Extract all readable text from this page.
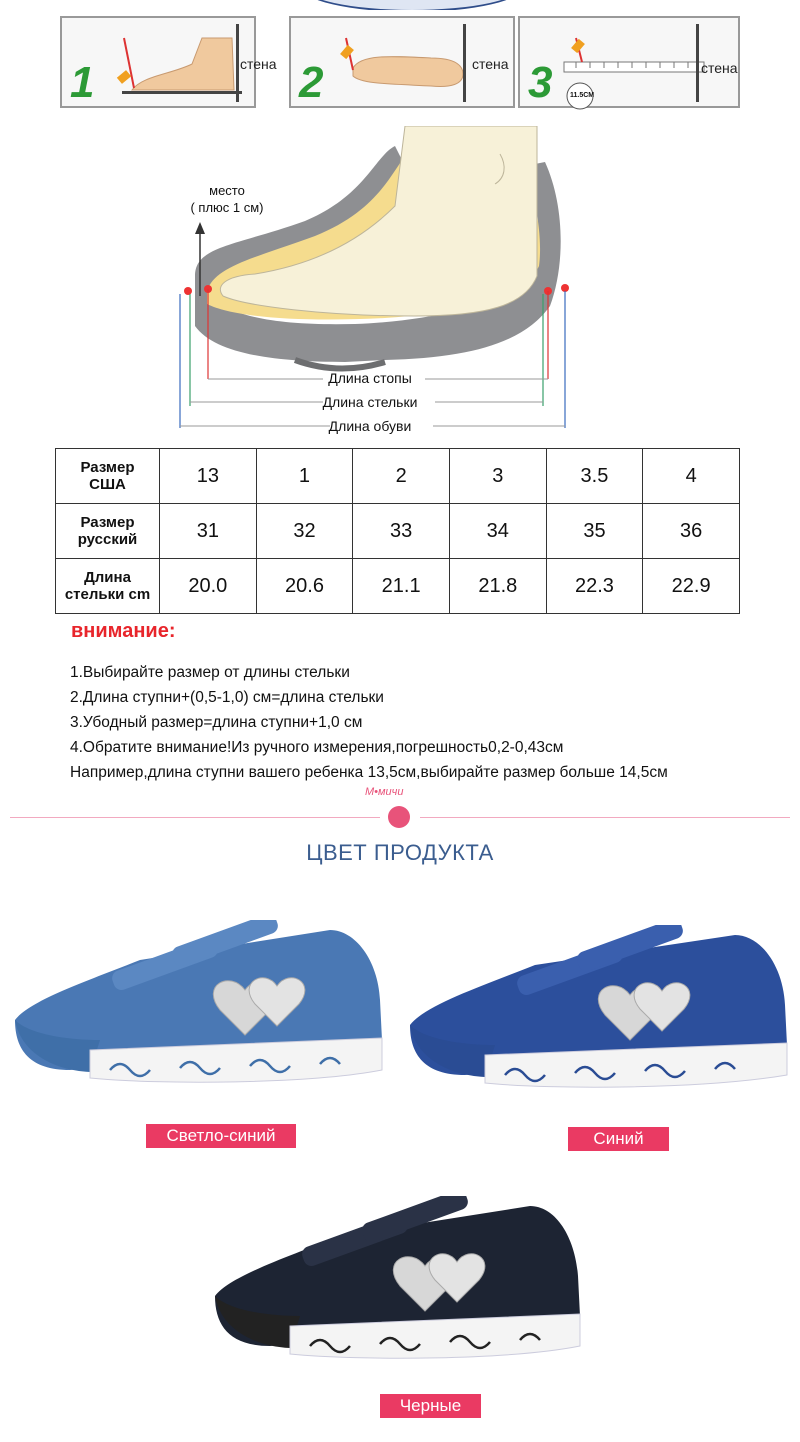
1	стена 2	стена 3	11.5CM
стена
место
( плюс 1 см)
Длина стопы
Длина стельки
Длина обуви
Размер
США	13	1	2	3	3.5	4
Размер
русский	31	32	33	34	35	36
Длина
стельки cm	20.0	20.6	21.1	21.8	22.3	22.9
внимание:
1.Выбирайте размер от длины стельки
2.Длина ступни+(0,5-1,0) см=длина стельки
3.Убодный размер=длина ступни+1,0 см
4.Обратите внимание!Из ручного измерения,погрешность0,2-0,43см
Например,длина ступни вашего ребенка 13,5см,выбирайте размер больше 14,5см
М•мичи
ЦВЕТ ПРОДУКТА
Светло-синий	Синий
Черные
